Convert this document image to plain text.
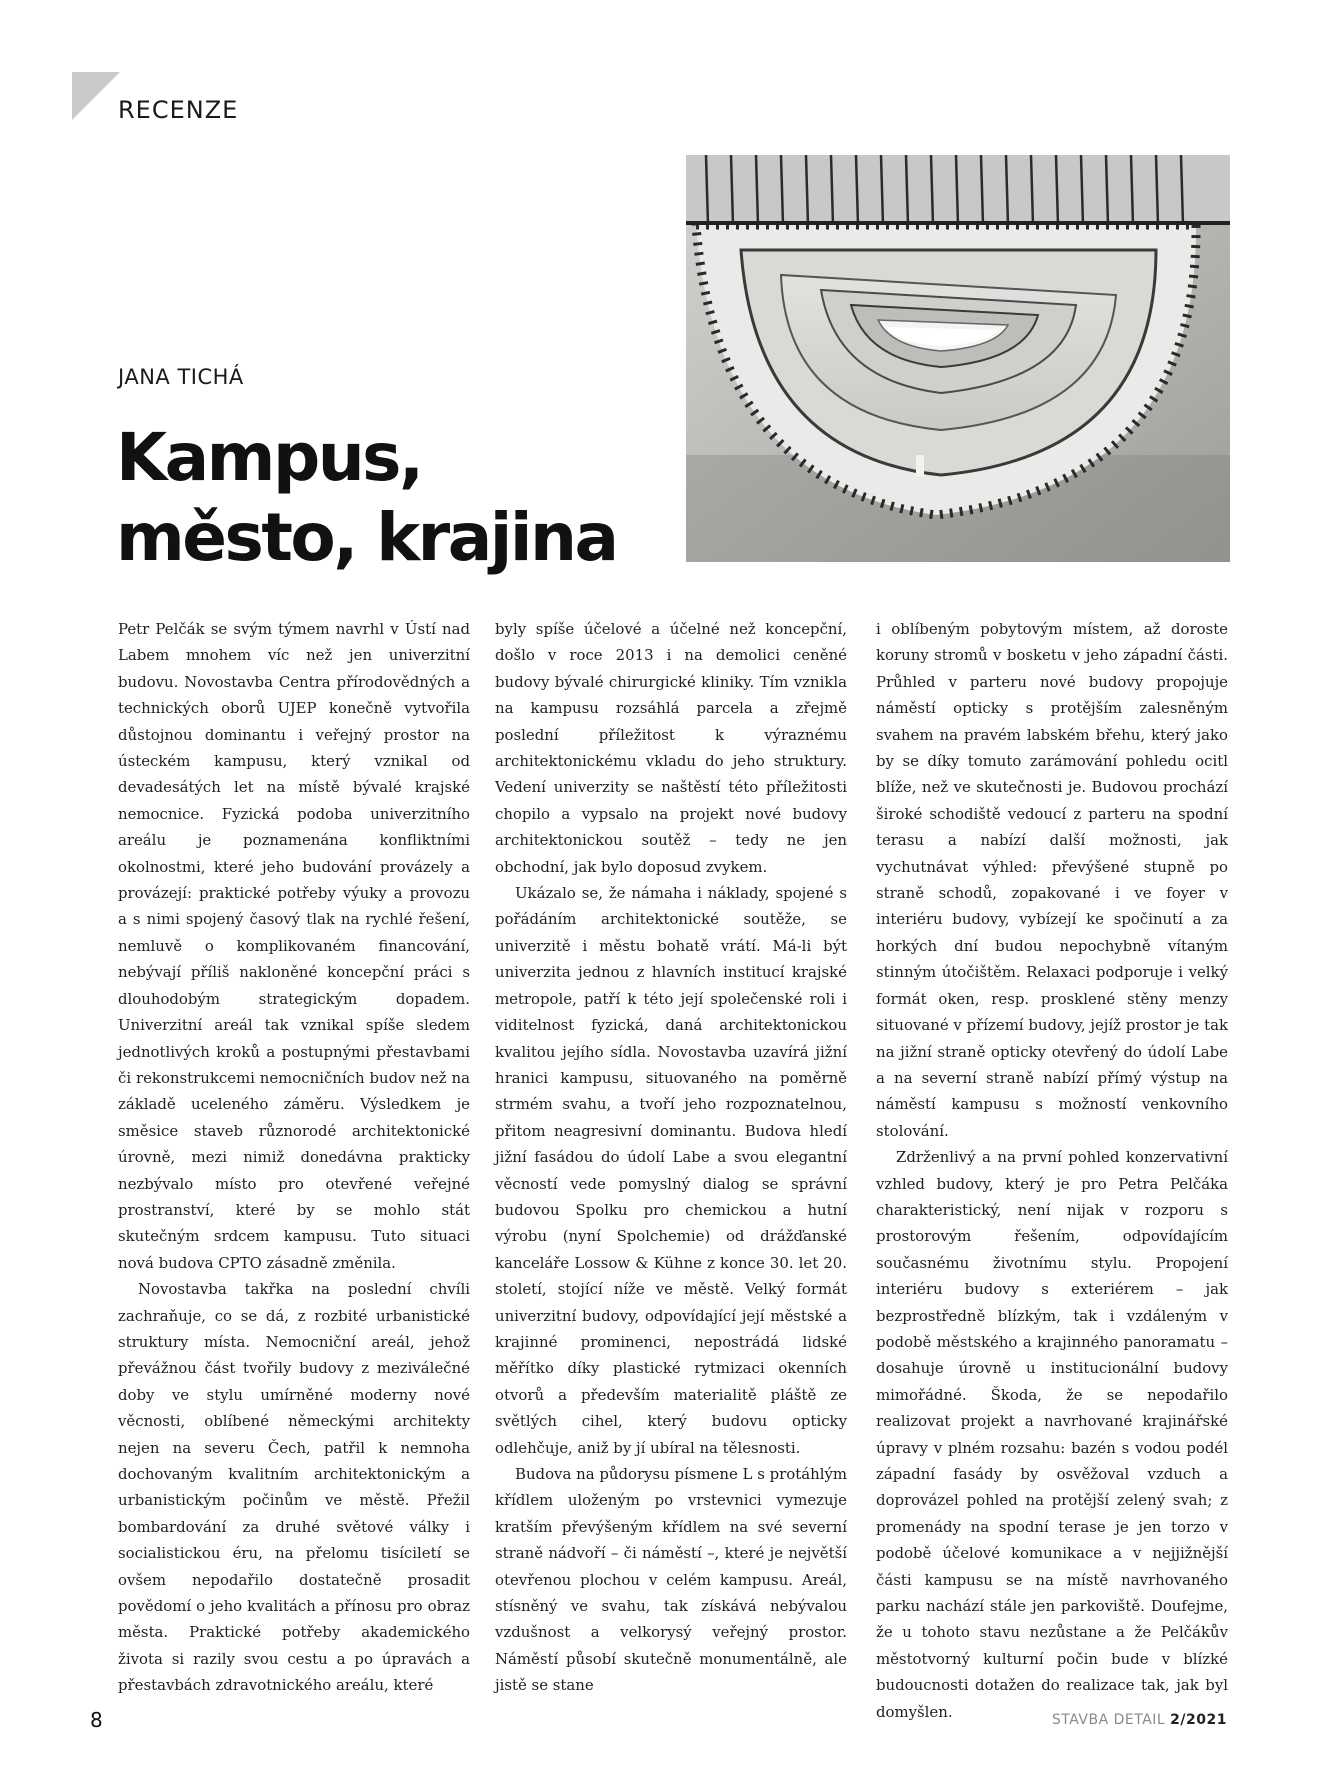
RECENZE
JANA TICHÁ
Kampus,
město, krajina

Petr Pelčák se svým týmem navrhl v Ústí nad Labem mnohem víc než jen univerzitní budovu. Novostavba Centra přírodovědných a technických oborů UJEP konečně vytvořila důstojnou dominantu i veřejný prostor na ústeckém kampusu, který vznikal od devadesátých let na místě bývalé krajské nemocnice. Fyzická podoba univerzitního areálu je poznamenána konfliktními okolnostmi, které jeho budování provázely a provázejí: praktické potřeby výuky a provozu a s nimi spojený časový tlak na rychlé řešení, nemluvě o komplikovaném financování, nebývají příliš nakloněné koncepční práci s dlouhodobým strategickým dopadem. Univerzitní areál tak vznikal spíše sledem jednotlivých kroků a postupnými přestavbami či rekonstrukcemi nemocničních budov než na základě uceleného záměru. Výsledkem je směsice staveb různorodé architektonické úrovně, mezi nimiž donedávna prakticky nezbývalo místo pro otevřené veřejné prostranství, které by se mohlo stát skutečným srdcem kampusu. Tuto situaci nová budova CPTO zásadně změnila.

Novostavba takřka na poslední chvíli zachraňuje, co se dá, z rozbité urbanistické struktury místa. Nemocniční areál, jehož převážnou část tvořily budovy z meziválečné doby ve stylu umírněné moderny nové věcnosti, oblíbené německými architekty nejen na severu Čech, patřil k nemnoha dochovaným kvalitním architektonickým a urbanistickým počinům ve městě. Přežil bombardování za druhé světové války i socialistickou éru, na přelomu tisíciletí se ovšem nepodařilo dostatečně prosadit povědomí o jeho kvalitách a přínosu pro obraz města. Praktické potřeby akademického života si razily svou cestu a po úpravách a přestavbách zdravotnického areálu, které

byly spíše účelové a účelné než koncepční, došlo v roce 2013 i na demolici ceněné budovy bývalé chirurgické kliniky. Tím vznikla na kampusu rozsáhlá parcela a zřejmě poslední příležitost k výraznému architektonickému vkladu do jeho struktury. Vedení univerzity se naštěstí této příležitosti chopilo a vypsalo na projekt nové budovy architektonickou soutěž – tedy ne jen obchodní, jak bylo doposud zvykem.

Ukázalo se, že námaha i náklady, spojené s pořádáním architektonické soutěže, se univerzitě i městu bohatě vrátí. Má-li být univerzita jednou z hlavních institucí krajské metropole, patří k této její společenské roli i viditelnost fyzická, daná architektonickou kvalitou jejího sídla. Novostavba uzavírá jižní hranici kampusu, situovaného na poměrně strmém svahu, a tvoří jeho rozpoznatelnou, přitom neagresivní dominantu. Budova hledí jižní fasádou do údolí Labe a svou elegantní věcností vede pomyslný dialog se správní budovou Spolku pro chemickou a hutní výrobu (nyní Spolchemie) od drážďanské kanceláře Lossow & Kühne z konce 30. let 20. století, stojící níže ve městě. Velký formát univerzitní budovy, odpovídající její městské a krajinné prominenci, nepostrádá lidské měřítko díky plastické rytmizaci okenních otvorů a především materialitě pláště ze světlých cihel, který budovu opticky odlehčuje, aniž by jí ubíral na tělesnosti.

Budova na půdorysu písmene L s protáhlým křídlem uloženým po vrstevnici vymezuje kratším převýšeným křídlem na své severní straně nádvoří – či náměstí –, které je největší otevřenou plochou v celém kampusu. Areál, stísněný ve svahu, tak získává nebývalou vzdušnost a velkorysý veřejný prostor. Náměstí působí skutečně monumentálně, ale jistě se stane

i oblíbeným pobytovým místem, až doroste koruny stromů v bosketu v jeho západní části. Průhled v parteru nové budovy propojuje náměstí opticky s protějším zalesněným svahem na pravém labském břehu, který jako by se díky tomuto zarámování pohledu ocitl blíže, než ve skutečnosti je. Budovou prochází široké schodiště vedoucí z parteru na spodní terasu a nabízí další možnosti, jak vychutnávat výhled: převýšené stupně po straně schodů, zopakované i ve foyer v interiéru budovy, vybízejí ke spočinutí a za horkých dní budou nepochybně vítaným stinným útočištěm. Relaxaci podporuje i velký formát oken, resp. prosklené stěny menzy situované v přízemí budovy, jejíž prostor je tak na jižní straně opticky otevřený do údolí Labe a na severní straně nabízí přímý výstup na náměstí kampusu s možností venkovního stolování.

Zdrženlivý a na první pohled konzervativní vzhled budovy, který je pro Petra Pelčáka charakteristický, není nijak v rozporu s prostorovým řešením, odpovídajícím současnému životnímu stylu. Propojení interiéru budovy s exteriérem – jak bezprostředně blízkým, tak i vzdáleným v podobě městského a krajinného panoramatu – dosahuje úrovně u institucionální budovy mimořádné. Škoda, že se nepodařilo realizovat projekt a navrhované krajinářské úpravy v plném rozsahu: bazén s vodou podél západní fasády by osvěžoval vzduch a doprovázel pohled na protější zelený svah; z promenády na spodní terase je jen torzo v podobě účelové komunikace a v nejjižnější části kampusu se na místě navrhovaného parku nachází stále jen parkoviště. Doufejme, že u tohoto stavu nezůstane a že Pelčákův městotvorný kulturní počin bude v blízké budoucnosti dotažen do realizace tak, jak byl domyšlen.

8	STAVBA DETAIL 2/2021
